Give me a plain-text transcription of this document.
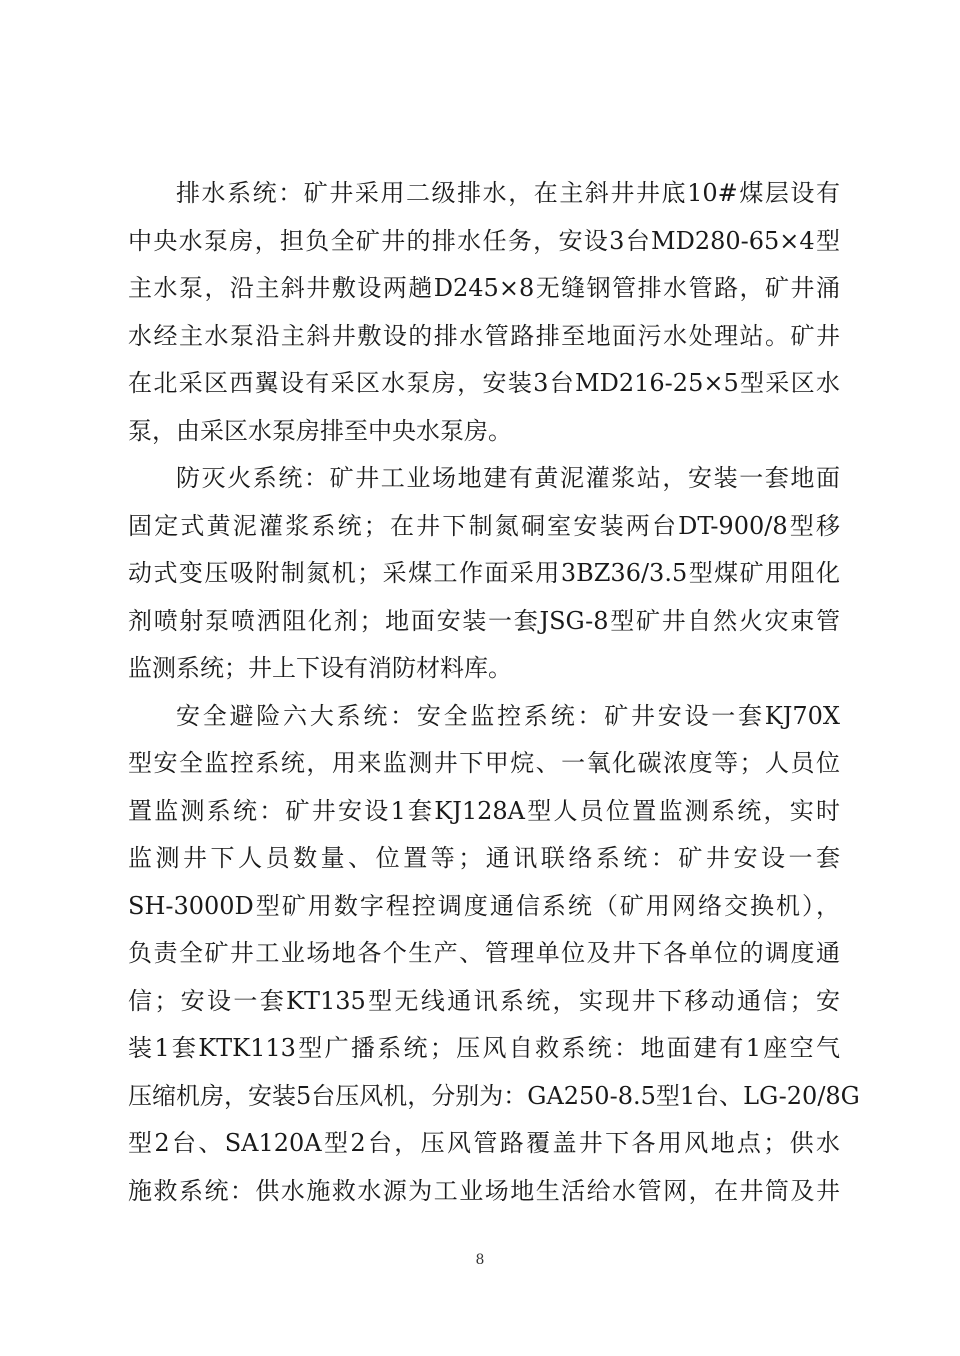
排水系统：矿井采用二级排水，在主斜井井底10#煤层设有
中央水泵房，担负全矿井的排水任务，安设3台MD280-65×4型
主水泵，沿主斜井敷设两趟D245×8无缝钢管排水管路，矿井涌
水经主水泵沿主斜井敷设的排水管路排至地面污水处理站。矿井
在北采区西翼设有采区水泵房，安装3台MD216-25×5型采区水
泵，由采区水泵房排至中央水泵房。
防灭火系统：矿井工业场地建有黄泥灌浆站，安装一套地面
固定式黄泥灌浆系统；在井下制氮硐室安装两台DT-900/8型移
动式变压吸附制氮机；采煤工作面采用3BZ36/3.5型煤矿用阻化
剂喷射泵喷洒阻化剂；地面安装一套JSG-8型矿井自然火灾束管
监测系统；井上下设有消防材料库。
安全避险六大系统：安全监控系统：矿井安设一套KJ70X
型安全监控系统，用来监测井下甲烷、一氧化碳浓度等；人员位
置监测系统：矿井安设1套KJ128A型人员位置监测系统，实时
监测井下人员数量、位置等；通讯联络系统：矿井安设一套
SH-3000D型矿用数字程控调度通信系统（矿用网络交换机），
负责全矿井工业场地各个生产、管理单位及井下各单位的调度通
信；安设一套KT135型无线通讯系统，实现井下移动通信；安
装1套KTK113型广播系统；压风自救系统：地面建有1座空气
压缩机房，安装5台压风机，分别为：GA250-8.5型1台、LG-20/8G
型2台、SA120A型2台，压风管路覆盖井下各用风地点；供水
施救系统：供水施救水源为工业场地生活给水管网，在井筒及井
8
